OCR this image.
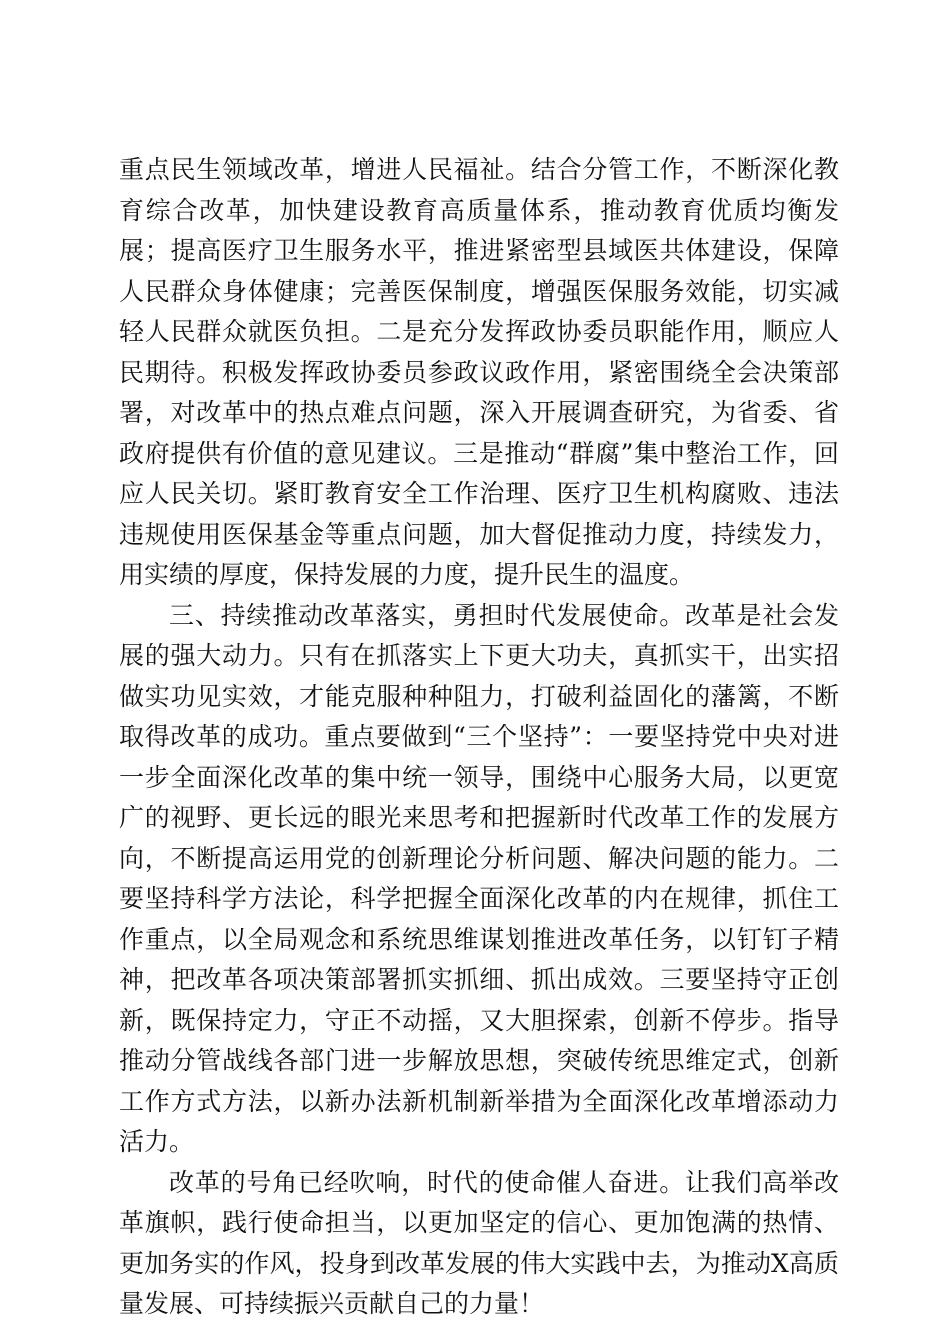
重点民生领域改革，增进人民福祉。结合分管工作，不断深化教育综合改革，加快建设教育高质量体系，推动教育优质均衡发展；提高医疗卫生服务水平，推进紧密型县域医共体建设，保障人民群众身体健康；完善医保制度，增强医保服务效能，切实减轻人民群众就医负担。二是充分发挥政协委员职能作用，顺应人民期待。积极发挥政协委员参政议政作用，紧密围绕全会决策部署，对改革中的热点难点问题，深入开展调查研究，为省委、省政府提供有价值的意见建议。三是推动“群腐”集中整治工作，回应人民关切。紧盯教育安全工作治理、医疗卫生机构腐败、违法违规使用医保基金等重点问题，加大督促推动力度，持续发力，用实绩的厚度，保持发展的力度，提升民生的温度。

三、持续推动改革落实，勇担时代发展使命。改革是社会发展的强大动力。只有在抓落实上下更大功夫，真抓实干，出实招做实功见实效，才能克服种种阻力，打破利益固化的藩篱，不断取得改革的成功。重点要做到“三个坚持”：一要坚持党中央对进一步全面深化改革的集中统一领导，围绕中心服务大局，以更宽广的视野、更长远的眼光来思考和把握新时代改革工作的发展方向，不断提高运用党的创新理论分析问题、解决问题的能力。二要坚持科学方法论，科学把握全面深化改革的内在规律，抓住工作重点，以全局观念和系统思维谋划推进改革任务，以钉钉子精神，把改革各项决策部署抓实抓细、抓出成效。三要坚持守正创新，既保持定力，守正不动摇，又大胆探索，创新不停步。指导推动分管战线各部门进一步解放思想，突破传统思维定式，创新工作方式方法，以新办法新机制新举措为全面深化改革增添动力活力。

改革的号角已经吹响，时代的使命催人奋进。让我们高举改革旗帜，践行使命担当，以更加坚定的信心、更加饱满的热情、更加务实的作风，投身到改革发展的伟大实践中去，为推动X高质量发展、可持续振兴贡献自己的力量！
